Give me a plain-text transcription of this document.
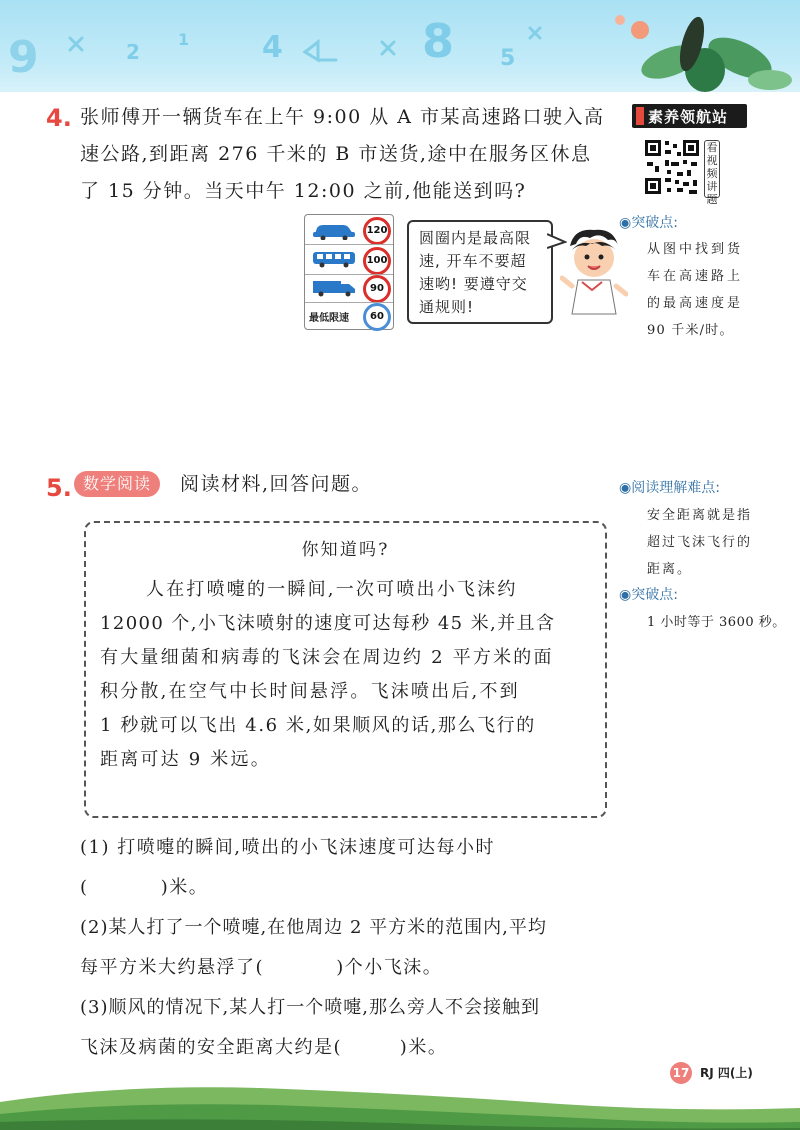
9	2
1 4	8 5
4. 张师傅开一辆货车在上午 9:00 从 A 市某高速路口驶入高
速公路,到距离 276 千米的 B 市送货,途中在服务区休息
了 15 分钟。当天中午 12:00 之前,他能送到吗?
素养领航站
看视频讲题
120
100
90
最低限速	60
圆圈内是最高限
速, 开车不要超
速哟! 要遵守交
通规则!
◉突破点:
从图中找到货
车在高速路上
的最高速度是
90 千米/时。
5. 数学阅读	阅读材料,回答问题。	◉阅读理解难点:
安全距离就是指
超过飞沫飞行的
距离。
◉突破点:
1 小时等于 3600 秒。
你知道吗?
人在打喷嚏的一瞬间,一次可喷出小飞沫约
12000 个,小飞沫喷射的速度可达每秒 45 米,并且含
有大量细菌和病毒的飞沫会在周边约 2 平方米的面
积分散,在空气中长时间悬浮。飞沫喷出后,不到
1 秒就可以飞出 4.6 米,如果顺风的话,那么飞行的
距离可达 9 米远。
(1) 打喷嚏的瞬间,喷出的小飞沫速度可达每小时
(          )米。
(2)某人打了一个喷嚏,在他周边 2 平方米的范围内,平均
每平方米大约悬浮了(          )个小飞沫。
(3)顺风的情况下,某人打一个喷嚏,那么旁人不会接触到
飞沫及病菌的安全距离大约是(        )米。
17 RJ 四(上)
